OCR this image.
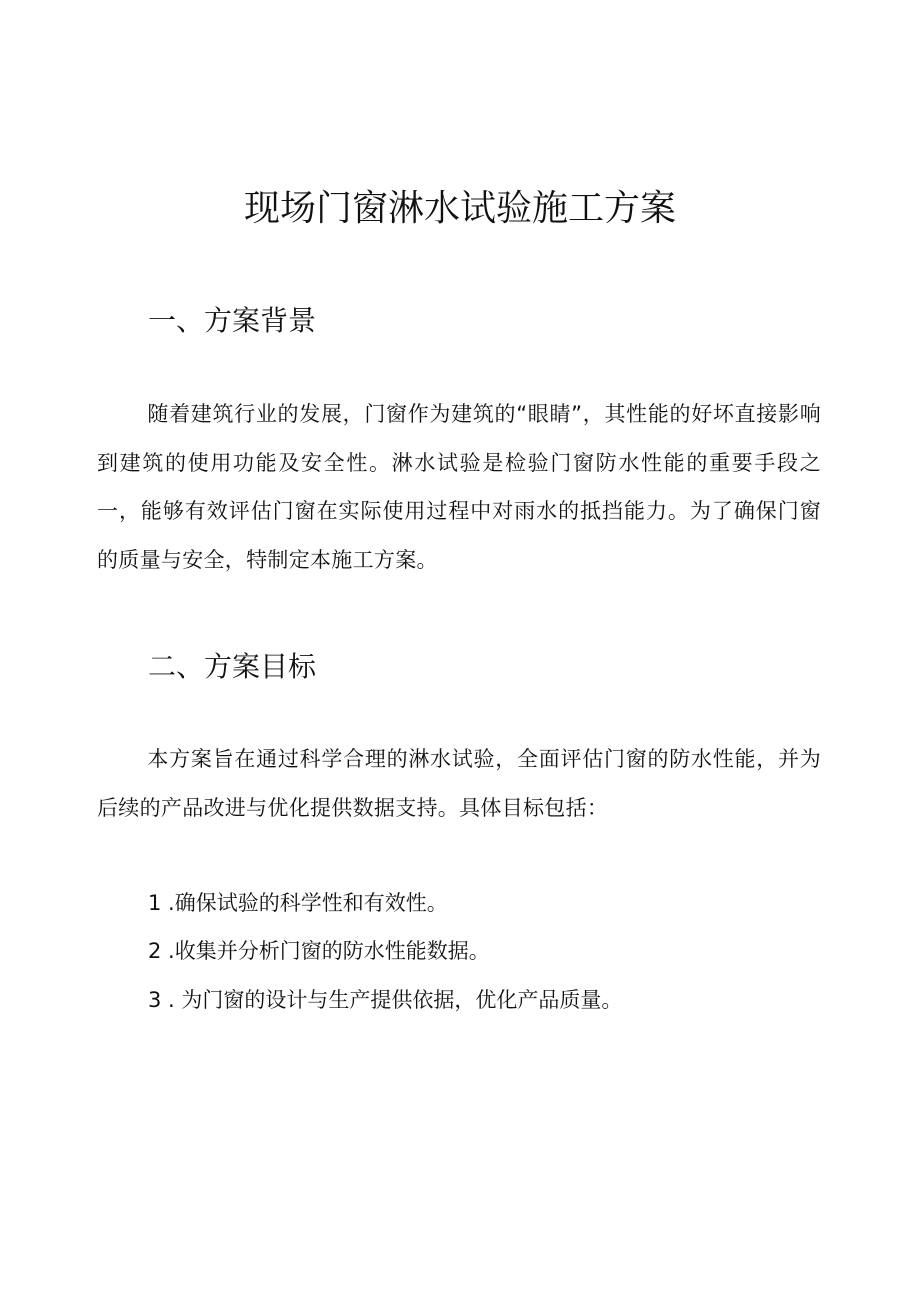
现场门窗淋水试验施工方案
一、方案背景

随着建筑行业的发展，门窗作为建筑的“眼睛”，其性能的好坏直接影响到建筑的使用功能及安全性。淋水试验是检验门窗防水性能的重要手段之一，能够有效评估门窗在实际使用过程中对雨水的抵挡能力。为了确保门窗的质量与安全，特制定本施工方案。

二、方案目标

本方案旨在通过科学合理的淋水试验，全面评估门窗的防水性能，并为后续的产品改进与优化提供数据支持。具体目标包括：

1 .确保试验的科学性和有效性。

2 .收集并分析门窗的防水性能数据。

3 . 为门窗的设计与生产提供依据，优化产品质量。
